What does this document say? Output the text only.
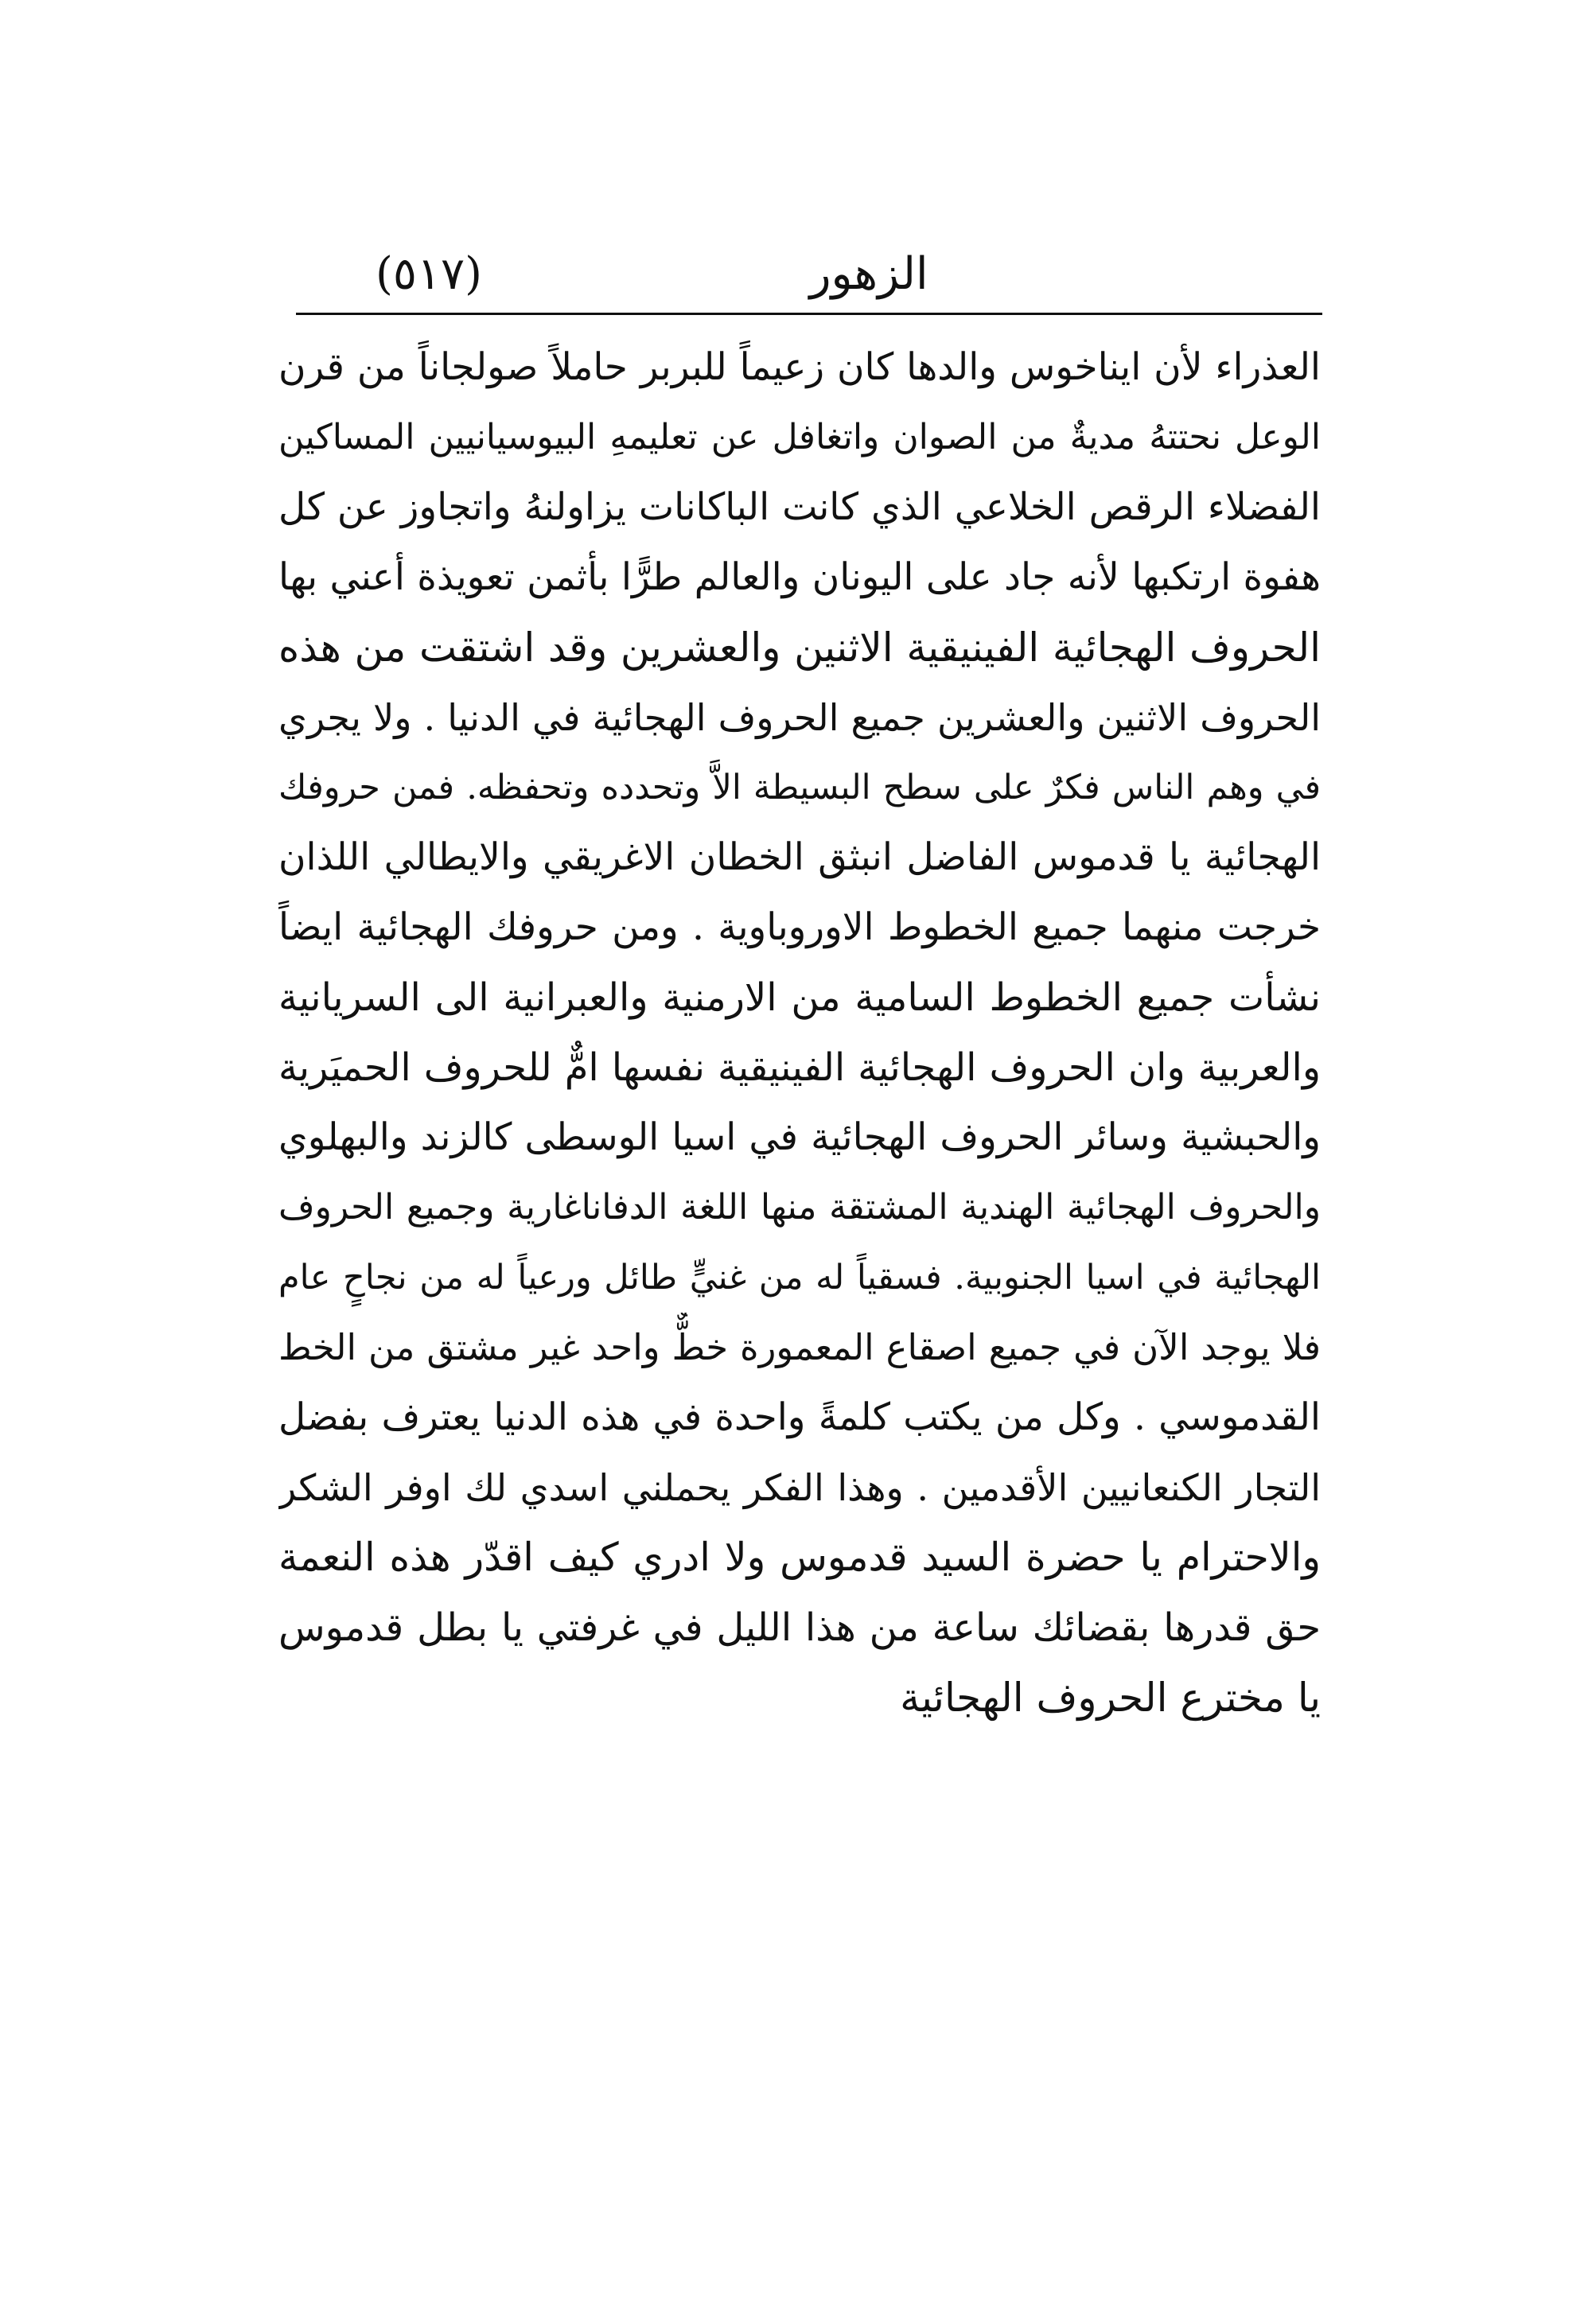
الزهور
(٥١٧)
العذراء لأن ايناخوس والدها كان زعيماً للبربر حاملاً صولجاناً من قرن
الوعل نحتتهُ مديةٌ من الصوان واتغافل عن تعليمهِ البيوسيانيين المساكين
الفضلاء الرقص الخلاعي الذي كانت الباكانات يزاولنهُ واتجاوز عن كل
هفوة ارتكبها لأنه جاد على اليونان والعالم طرًّا بأثمن تعويذة أعني بها
الحروف الهجائية الفينيقية الاثنين والعشرين وقد اشتقت من هذه
الحروف الاثنين والعشرين جميع الحروف الهجائية في الدنيا . ولا يجري
في وهم الناس فكرٌ على سطح البسيطة الاَّ وتحدده وتحفظه. فمن حروفك
الهجائية يا قدموس الفاضل انبثق الخطان الاغريقي والايطالي اللذان
خرجت منهما جميع الخطوط الاوروباوية . ومن حروفك الهجائية ايضاً
نشأت جميع الخطوط السامية من الارمنية والعبرانية الى السريانية
والعربية وان الحروف الهجائية الفينيقية نفسها امٌّ للحروف الحميَرية
والحبشية وسائر الحروف الهجائية في اسيا الوسطى كالزند والبهلوي
والحروف الهجائية الهندية المشتقة منها اللغة الدفاناغارية وجميع الحروف
الهجائية في اسيا الجنوبية. فسقياً له من غنيٍّ طائل ورعياً له من نجاحٍ عام
فلا يوجد الآن في جميع اصقاع المعمورة خطٌّ واحد غير مشتق من الخط
القدموسي . وكل من يكتب كلمةً واحدة في هذه الدنيا يعترف بفضل
التجار الكنعانيين الأقدمين . وهذا الفكر يحملني اسدي لك اوفر الشكر
والاحترام يا حضرة السيد قدموس ولا ادري كيف اقدّر هذه النعمة
حق قدرها بقضائك ساعة من هذا الليل في غرفتي يا بطل قدموس
يا مخترع الحروف الهجائية
